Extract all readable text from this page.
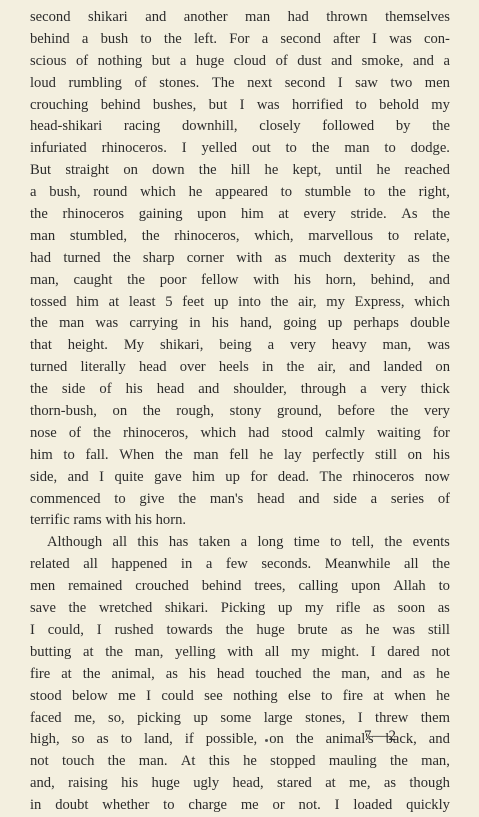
second shikari and another man had thrown themselves
behind a bush to the left. For a second after I was con-
scious of nothing but a huge cloud of dust and smoke, and a
loud rumbling of stones. The next second I saw two men
crouching behind bushes, but I was horrified to behold my
head-shikari racing downhill, closely followed by the
infuriated rhinoceros. I yelled out to the man to dodge.
But straight on down the hill he kept, until he reached
a bush, round which he appeared to stumble to the right,
the rhinoceros gaining upon him at every stride. As the
man stumbled, the rhinoceros, which, marvellous to relate,
had turned the sharp corner with as much dexterity as the
man, caught the poor fellow with his horn, behind, and
tossed him at least 5 feet up into the air, my Express, which
the man was carrying in his hand, going up perhaps double
that height. My shikari, being a very heavy man, was
turned literally head over heels in the air, and landed on
the side of his head and shoulder, through a very thick
thorn-bush, on the rough, stony ground, before the very
nose of the rhinoceros, which had stood calmly waiting for
him to fall. When the man fell he lay perfectly still on his
side, and I quite gave him up for dead. The rhinoceros now
commenced to give the man's head and side a series of
terrific rams with his horn.
Although all this has taken a long time to tell, the events
related all happened in a few seconds. Meanwhile all the
men remained crouched behind trees, calling upon Allah to
save the wretched shikari. Picking up my rifle as soon as
I could, I rushed towards the huge brute as he was still
butting at the man, yelling with all my might. I dared not
fire at the animal, as his head touched the man, and as he
stood below me I could see nothing else to fire at when he
faced me, so, picking up some large stones, I threw them
high, so as to land, if possible, on the animal's back, and
not touch the man. At this he stopped mauling the man,
and, raising his huge ugly head, stared at me, as though
in doubt whether to charge me or not. I loaded quickly
7—2
